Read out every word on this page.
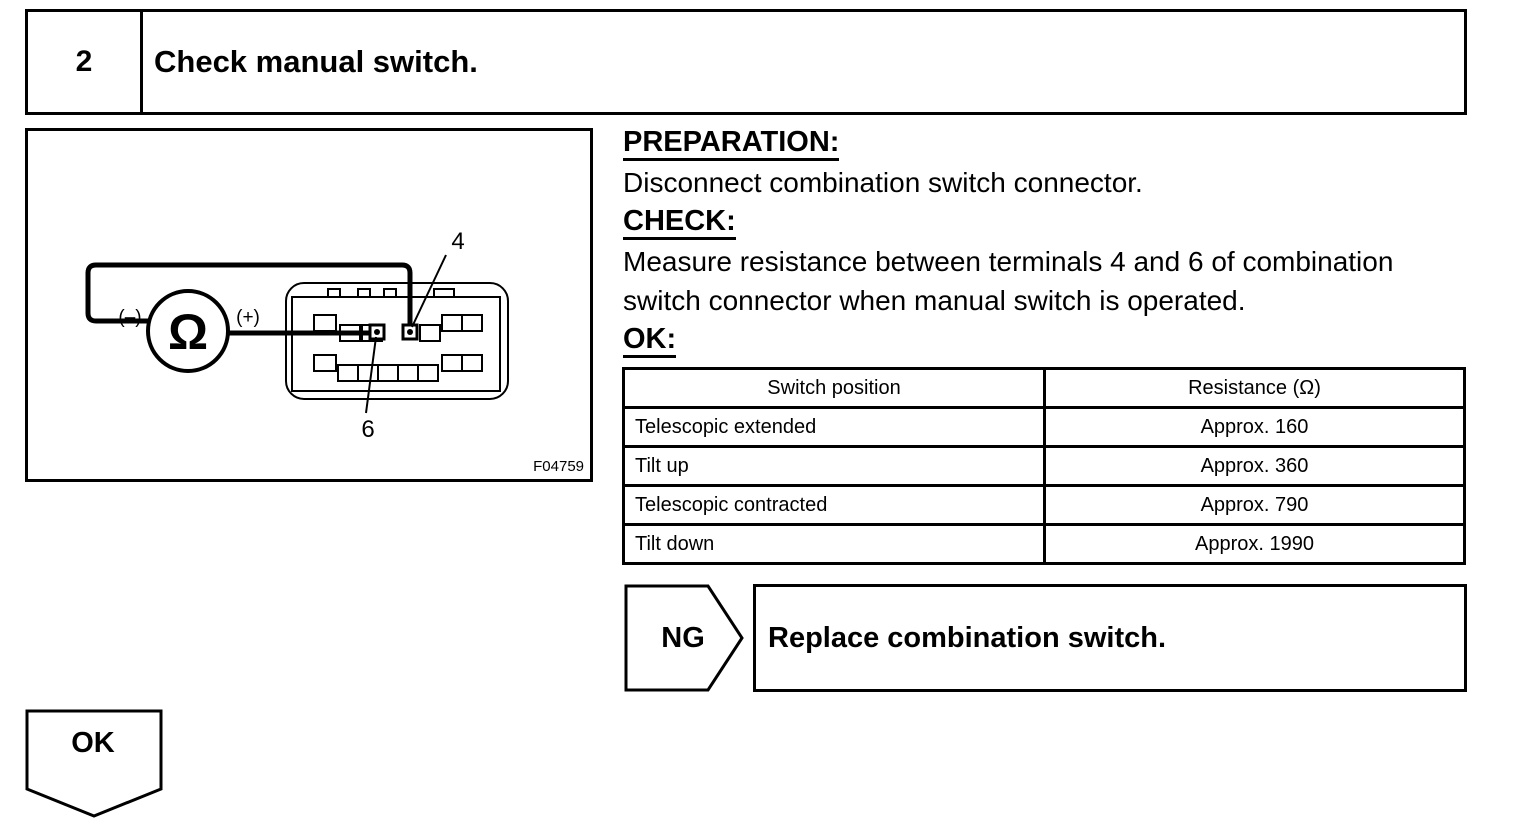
2	Check manual switch.
Ω
(–)	(+)
4
6
F04759
PREPARATION:
Disconnect combination switch connector.
CHECK:
Measure resistance between terminals 4 and 6 of combination
switch connector when manual switch is operated.
OK:
Switch position	Resistance (Ω)
Telescopic extended	Approx. 160
Tilt up	Approx. 360
Telescopic contracted	Approx. 790
Tilt down	Approx. 1990
NG	Replace combination switch.
OK
